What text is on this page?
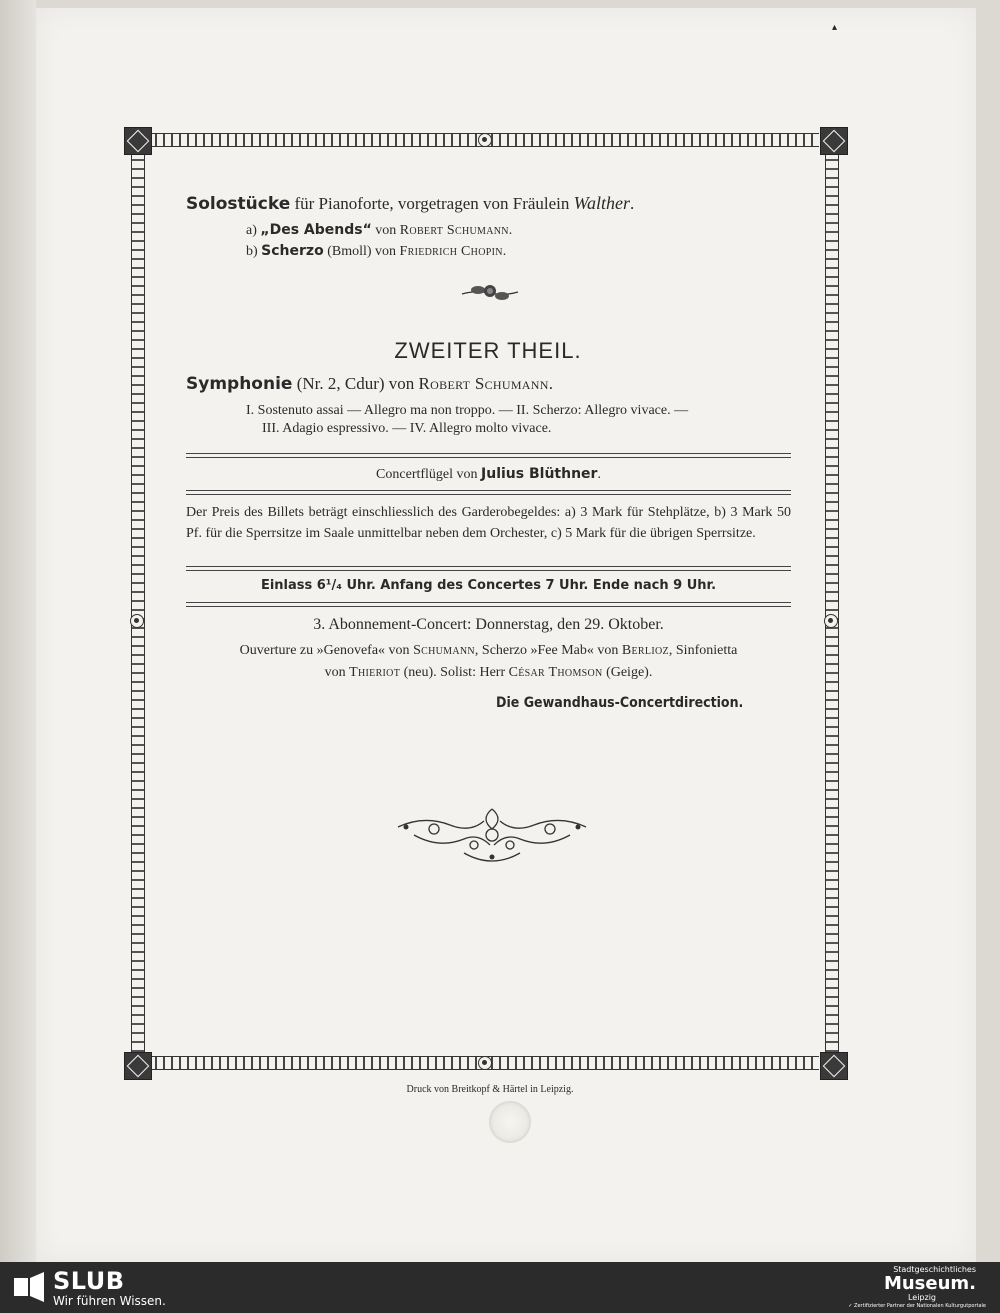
▴
Solostücke für Pianoforte, vorgetragen von Fräulein Walther.
a) „Des Abends“ von Robert Schumann.
b) Scherzo (Bmoll) von Friedrich Chopin.
ZWEITER THEIL.
Symphonie (Nr. 2, Cdur) von Robert Schumann.
I. Sostenuto assai — Allegro ma non troppo. — II. Scherzo: Allegro vivace. —
III. Adagio espressivo. — IV. Allegro molto vivace.
Concertflügel von Julius Blüthner.
Der Preis des Billets beträgt einschliesslich des Garderobegeldes: a) 3 Mark für Stehplätze, b) 3 Mark 50 Pf. für die Sperrsitze im Saale unmittelbar neben dem Orchester, c) 5 Mark für die übrigen Sperrsitze.
Einlass 6¹/₄ Uhr. Anfang des Concertes 7 Uhr. Ende nach 9 Uhr.
3. Abonnement-Concert: Donnerstag, den 29. Oktober.
Ouverture zu »Genovefa« von Schumann, Scherzo »Fee Mab« von Berlioz, Sinfonietta
von Thieriot (neu). Solist: Herr César Thomson (Geige).
Die Gewandhaus-Concertdirection.
Druck von Breitkopf & Härtel in Leipzig.
SLUB
Wir führen Wissen.
Stadtgeschichtliches
Museum.
Leipzig
✓ Zertifizierter Partner der Nationalen Kulturgutportale
